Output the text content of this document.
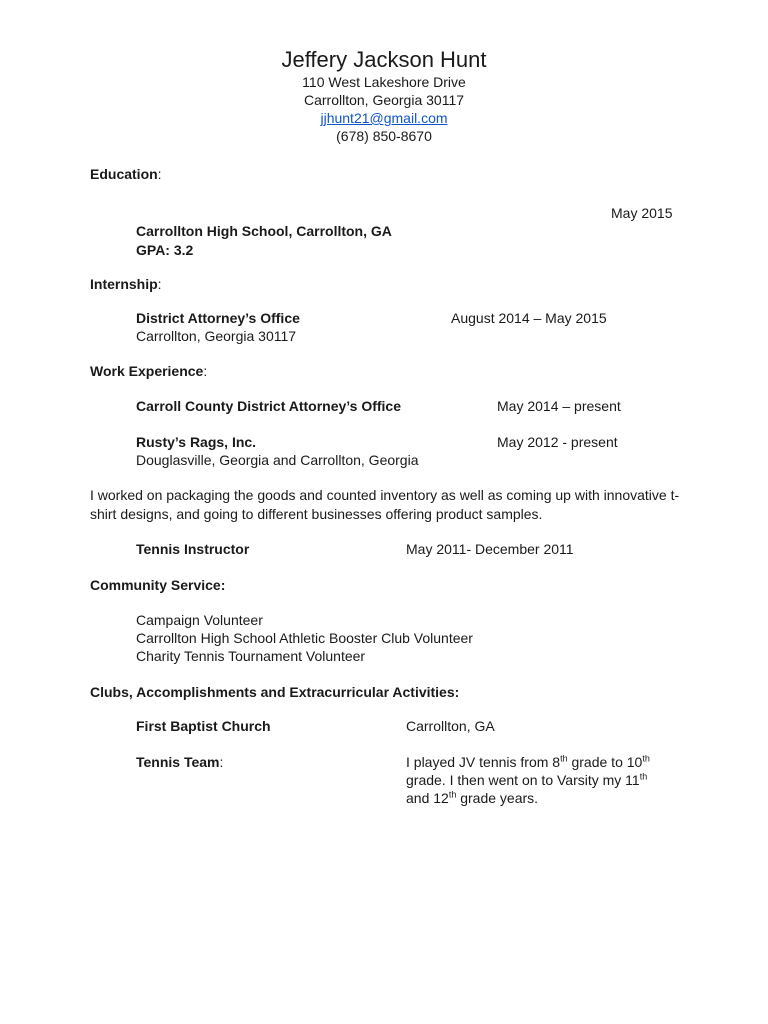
Jeffery Jackson Hunt
110 West Lakeshore Drive
Carrollton, Georgia 30117
jjhunt21@gmail.com
(678) 850-8670
Education:
May 2015
Carrollton High School, Carrollton, GA
GPA: 3.2
Internship:
District Attorney’s Office	August 2014 – May 2015
Carrollton, Georgia 30117
Work Experience:
Carroll County District Attorney’s Office	May 2014 – present
Rusty’s Rags, Inc.	May 2012 - present
Douglasville, Georgia and Carrollton, Georgia
I worked on packaging the goods and counted inventory as well as coming up with innovative t-shirt designs, and going to different businesses offering product samples.
Tennis Instructor	May 2011- December 2011
Community Service:
Campaign Volunteer
Carrollton High School Athletic Booster Club Volunteer
Charity Tennis Tournament Volunteer
Clubs, Accomplishments and Extracurricular Activities:
First Baptist Church	Carrollton, GA
Tennis Team:	I played JV tennis from 8th grade to 10th
grade. I then went on to Varsity my 11th
and 12th grade years.
